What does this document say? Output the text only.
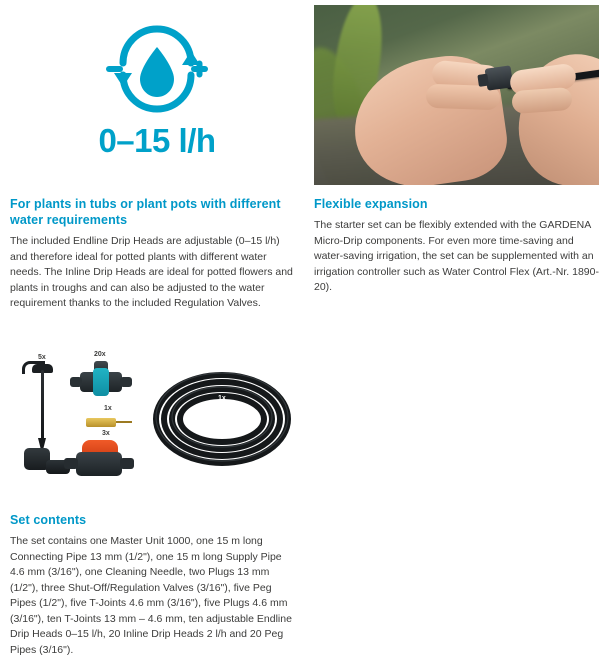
0–15 l/h
For plants in tubs or plant pots with different water requirements

The included Endline Drip Heads are adjustable (0–15 l/h) and therefore ideal for potted plants with different water needs. The Inline Drip Heads are ideal for potted flowers and plants in troughs and can also be adjusted to the water requirement thanks to the included Regulation Valves.

Flexible expansion

The starter set can be flexibly extended with the GARDENA Micro-Drip components. For even more time-saving and water-saving irrigation, the set can be supplemented with an irrigation controller such as Water Control Flex (Art.-Nr. 1890-20).

5x	20x
1x
3x
1x
Set contents

The set contains one Master Unit 1000, one 15 m long Connecting Pipe 13 mm (1/2"), one 15 m long Supply Pipe 4.6 mm (3/16"), one Cleaning Needle, two Plugs 13 mm (1/2"), three Shut-Off/Regulation Valves (3/16"), five Peg Pipes (1/2"), five T-Joints 4.6 mm (3/16"), five Plugs 4.6 mm (3/16"), ten T-Joints 13 mm – 4.6 mm, ten adjustable Endline Drip Heads 0–15 l/h, 20 Inline Drip Heads 2 l/h and 20 Peg Pipes (3/16").
